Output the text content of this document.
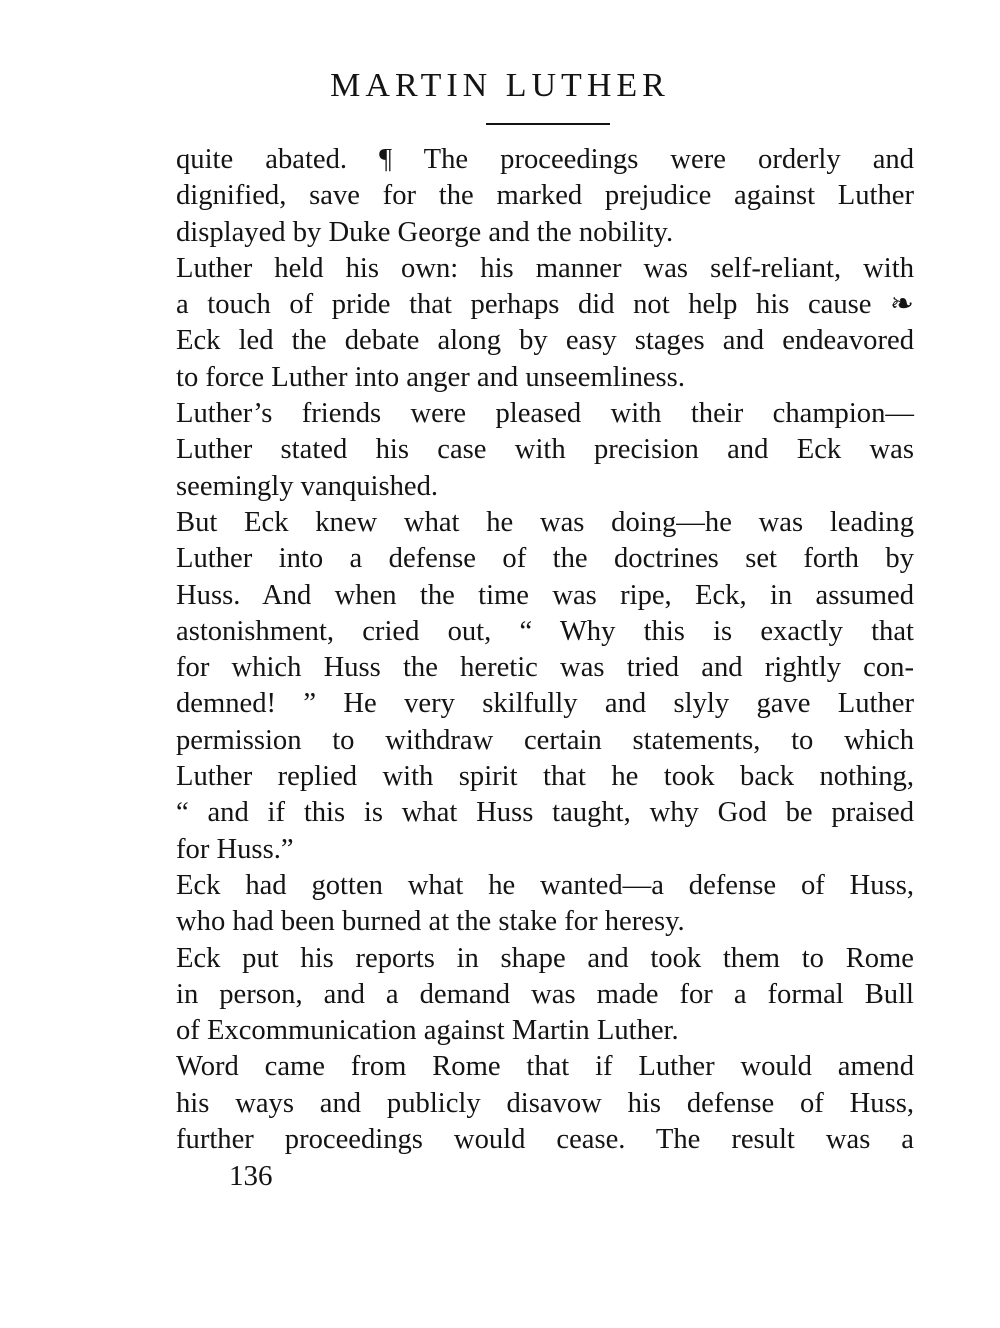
MARTIN LUTHER
quite abated. ¶ The proceedings were orderly and
dignified, save for the marked prejudice against Luther
displayed by Duke George and the nobility.
Luther held his own: his manner was self-reliant, with
a touch of pride that perhaps did not help his cause ❧
Eck led the debate along by easy stages and endeavored
to force Luther into anger and unseemliness.
Luther’s friends were pleased with their champion—
Luther stated his case with precision and Eck was
seemingly vanquished.
But Eck knew what he was doing—he was leading
Luther into a defense of the doctrines set forth by
Huss. And when the time was ripe, Eck, in assumed
astonishment, cried out, “ Why this is exactly that
for which Huss the heretic was tried and rightly con-
demned! ” He very skilfully and slyly gave Luther
permission to withdraw certain statements, to which
Luther replied with spirit that he took back nothing,
“ and if this is what Huss taught, why God be praised
for Huss.”
Eck had gotten what he wanted—a defense of Huss,
who had been burned at the stake for heresy.
Eck put his reports in shape and took them to Rome
in person, and a demand was made for a formal Bull
of Excommunication against Martin Luther.
Word came from Rome that if Luther would amend
his ways and publicly disavow his defense of Huss,
further proceedings would cease. The result was a
136
